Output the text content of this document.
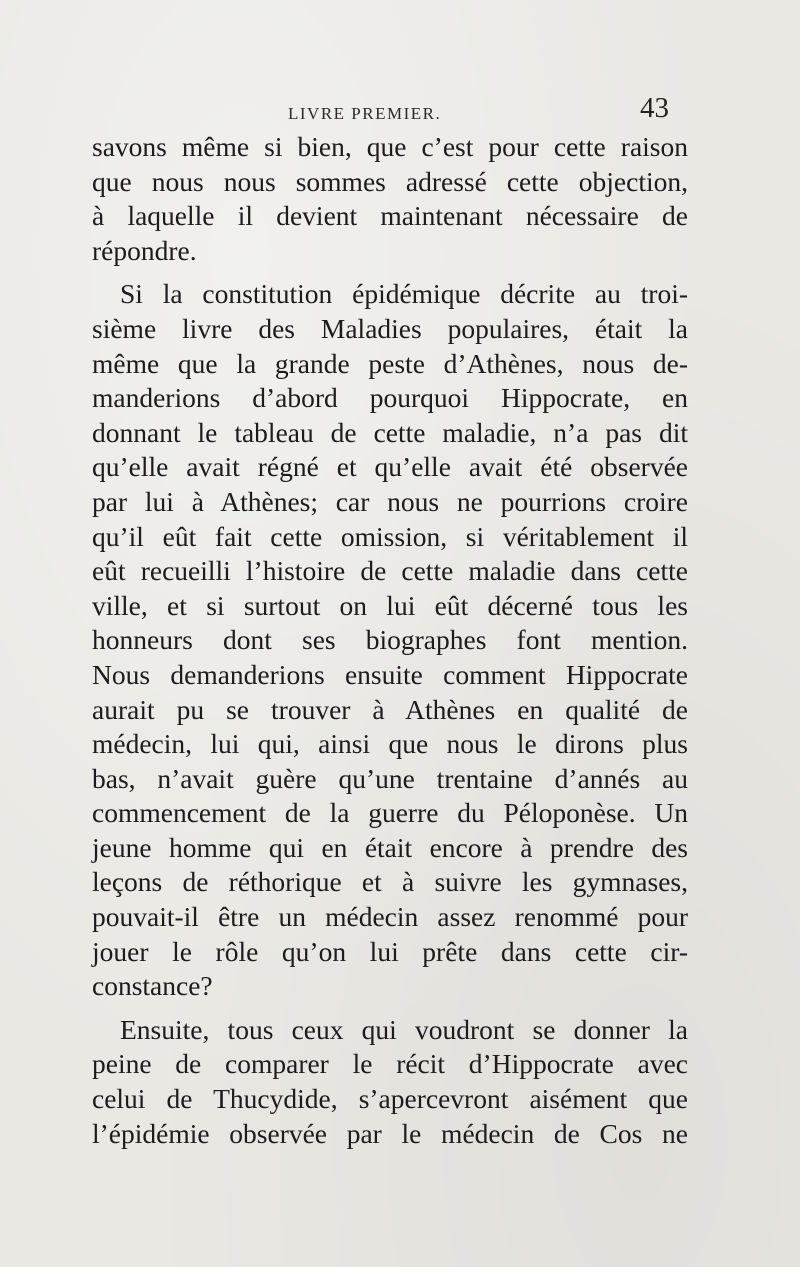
LIVRE PREMIER.	43

savons même si bien, que c’est pour cette raison
que nous nous sommes adressé cette objection,
à laquelle il devient maintenant nécessaire de
répondre.

Si la constitution épidémique décrite au troi-
sième livre des Maladies populaires, était la
même que la grande peste d’Athènes, nous de-
manderions d’abord pourquoi Hippocrate, en
donnant le tableau de cette maladie, n’a pas dit
qu’elle avait régné et qu’elle avait été observée
par lui à Athènes; car nous ne pourrions croire
qu’il eût fait cette omission, si véritablement il
eût recueilli l’histoire de cette maladie dans cette
ville, et si surtout on lui eût décerné tous les
honneurs dont ses biographes font mention.
Nous demanderions ensuite comment Hippocrate
aurait pu se trouver à Athènes en qualité de
médecin, lui qui, ainsi que nous le dirons plus
bas, n’avait guère qu’une trentaine d’annés au
commencement de la guerre du Péloponèse. Un
jeune homme qui en était encore à prendre des
leçons de réthorique et à suivre les gymnases,
pouvait-il être un médecin assez renommé pour
jouer le rôle qu’on lui prête dans cette cir-
constance?

Ensuite, tous ceux qui voudront se donner la
peine de comparer le récit d’Hippocrate avec
celui de Thucydide, s’apercevront aisément que
l’épidémie observée par le médecin de Cos ne
